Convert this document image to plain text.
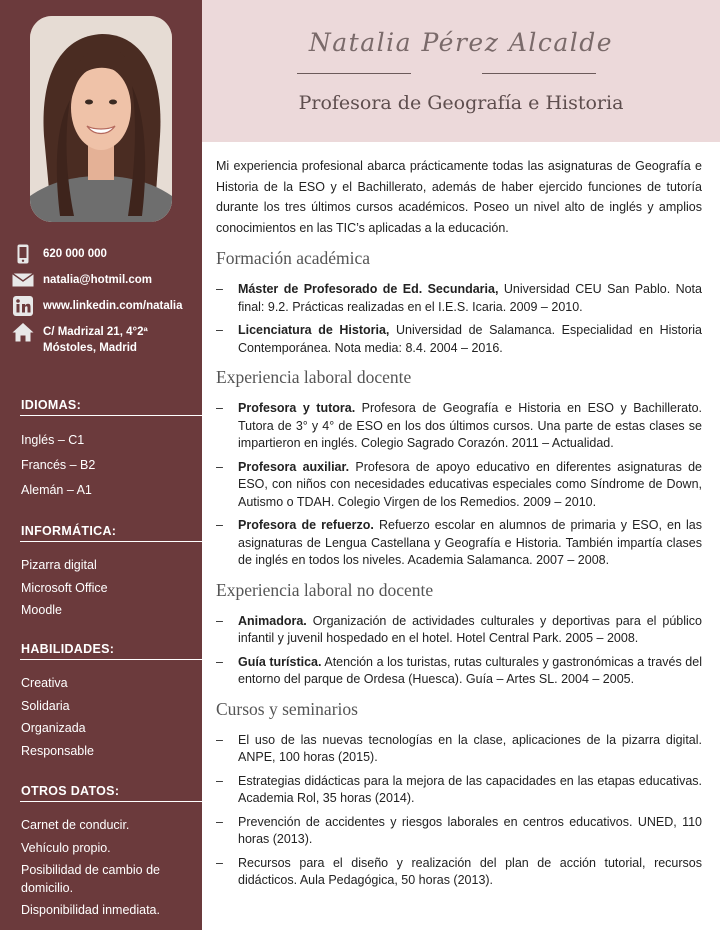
620 000 000
natalia@hotmil.com
www.linkedin.com/natalia
C/ Madrizal 21, 4°2ª
Móstoles, Madrid
IDIOMAS:
Inglés – C1
Francés – B2
Alemán – A1
INFORMÁTICA:
Pizarra digital
Microsoft Office
Moodle
HABILIDADES:
Creativa
Solidaria
Organizada
Responsable
OTROS DATOS:
Carnet de conducir.
Vehículo propio.
Posibilidad de cambio de domicilio.
Disponibilidad inmediata.
Natalia Pérez Alcalde
Profesora de Geografía e Historia

Mi experiencia profesional abarca prácticamente todas las asignaturas de Geografía e Historia de la ESO y el Bachillerato, además de haber ejercido funciones de tutoría durante los tres últimos cursos académicos. Poseo un nivel alto de inglés y amplios conocimientos en las TIC’s aplicadas a la educación.

Formación académica
–	Máster de Profesorado de Ed. Secundaria, Universidad CEU San Pablo. Nota final: 9.2. Prácticas realizadas en el I.E.S. Icaria. 2009 – 2010.
–	Licenciatura de Historia, Universidad de Salamanca. Especialidad en Historia Contemporánea. Nota media: 8.4. 2004 – 2016.
Experiencia laboral docente
–	Profesora y tutora. Profesora de Geografía e Historia en ESO y Bachillerato. Tutora de 3° y 4° de ESO en los dos últimos cursos. Una parte de estas clases se impartieron en inglés. Colegio Sagrado Corazón. 2011 – Actualidad.
–	Profesora auxiliar. Profesora de apoyo educativo en diferentes asignaturas de ESO, con niños con necesidades educativas especiales como Síndrome de Down, Autismo o TDAH. Colegio Virgen de los Remedios. 2009 – 2010.
–	Profesora de refuerzo. Refuerzo escolar en alumnos de primaria y ESO, en las asignaturas de Lengua Castellana y Geografía e Historia. También impartía clases de inglés en todos los niveles. Academia Salamanca. 2007 – 2008.
Experiencia laboral no docente
–	Animadora. Organización de actividades culturales y deportivas para el público infantil y juvenil hospedado en el hotel. Hotel Central Park. 2005 – 2008.
–	Guía turística. Atención a los turistas, rutas culturales y gastronómicas a través del entorno del parque de Ordesa (Huesca). Guía – Artes SL. 2004 – 2005.
Cursos y seminarios
–	El uso de las nuevas tecnologías en la clase, aplicaciones de la pizarra digital. ANPE, 100 horas (2015).
–	Estrategias didácticas para la mejora de las capacidades en las etapas educativas. Academia Rol, 35 horas (2014).
–	Prevención de accidentes y riesgos laborales en centros educativos. UNED, 110 horas (2013).
–	Recursos para el diseño y realización del plan de acción tutorial, recursos didácticos. Aula Pedagógica, 50 horas (2013).
